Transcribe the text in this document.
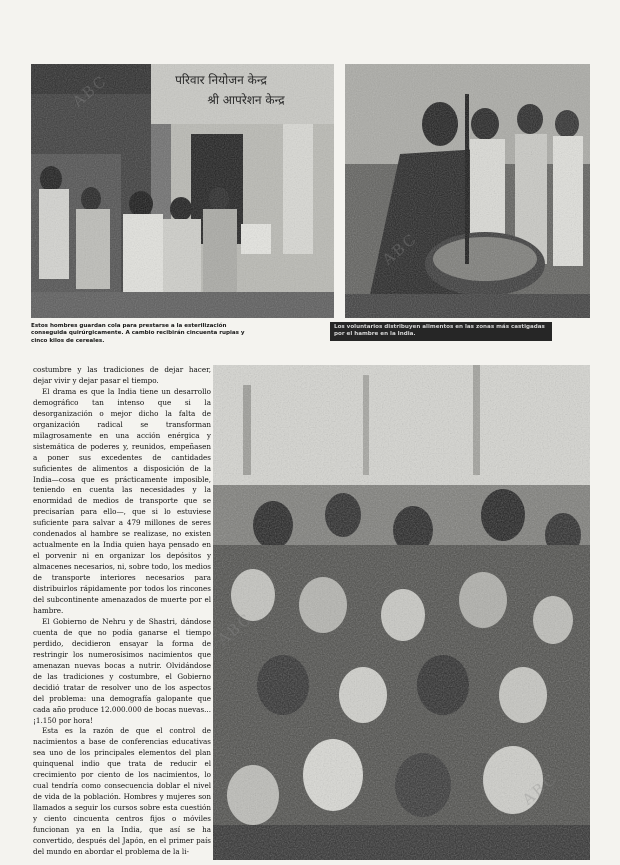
परिवार नियोजन केन्द्र
श्री आपरेशन केन्द्र

Estos hombres guardan cola para prestarse a la esterilización conseguida quirúrgicamente. A cambio recibirán cincuenta rupias y cinco kilos de cereales.

Los voluntarios distribuyen alimentos en las zonas más castigadas por el hambre en la India.

costumbre y las tradiciones de dejar hacer, dejar vivir y dejar pasar el tiempo.

El drama es que la India tiene un desarrollo demográfico tan intenso que si la desorganización o mejor dicho la falta de organización radical se transforman milagrosamente en una acción enérgica y sistemática de poderes y, reunidos, empeñasen a poner sus excedentes de cantidades suficientes de alimentos a disposición de la India—cosa que es prácticamente imposible, teniendo en cuenta las necesidades y la enormidad de medios de transporte que se precisarían para ello—, que si lo estuviese suficiente para salvar a 479 millones de seres condenados al hambre se realizase, no existen actualmente en la India quien haya pensado en el porvenir ni en organizar los depósitos y almacenes necesarios, ni, sobre todo, los medios de transporte interiores necesarios para distribuirlos rápidamente por todos los rincones del subcontinente amenazados de muerte por el hambre.

El Gobierno de Nehru y de Shastri, dándose cuenta de que no podía ganarse el tiempo perdido, decidieron ensayar la forma de restringir los numerosísimos nacimientos que amenazan nuevas bocas a nutrir. Olvidándose de las tradiciones y costumbre, el Gobierno decidió tratar de resolver uno de los aspectos del problema: una demografía galopante que cada año produce 12.000.000 de bocas nuevas... ¡1.150 por hora!

Esta es la razón de que el control de nacimientos a base de conferencias educativas sea uno de los principales elementos del plan quinquenal indio que trata de reducir el crecimiento por ciento de los nacimientos, lo cual tendría como consecuencia doblar el nivel de vida de la población. Hombres y mujeres son llamados a seguir los cursos sobre esta cuestión y ciento cincuenta centros fijos o móviles funcionan ya en la India, que así se ha convertido, después del Japón, en el primer país del mundo en abordar el problema de la li-

ABC
ABC
ABC
ABC
